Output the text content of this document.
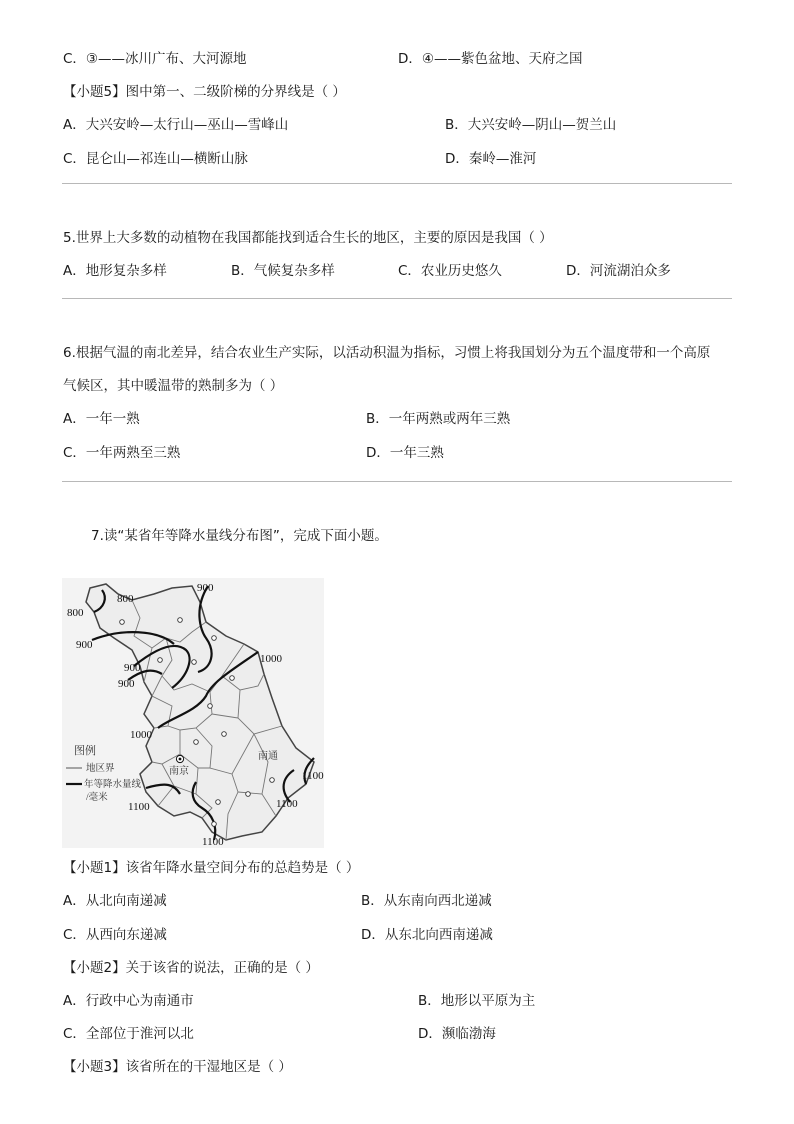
C．③——冰川广布、大河源地	D．④——紫色盆地、天府之国
【小题5】图中第一、二级阶梯的分界线是（ ）
A．大兴安岭—太行山—巫山—雪峰山	B．大兴安岭—阴山—贺兰山
C．昆仑山—祁连山—横断山脉	D．秦岭—淮河
5.世界上大多数的动植物在我国都能找到适合生长的地区，主要的原因是我国（ ）
A．地形复杂多样	B．气候复杂多样	C．农业历史悠久	D．河流湖泊众多
6.根据气温的南北差异，结合农业生产实际，以活动积温为指标，习惯上将我国划分为五个温度带和一个高原
气候区，其中暖温带的熟制多为（ ）
A．一年一熟	B．一年两熟或两年三熟
C．一年两熟至三熟	D．一年三熟
7.读“某省年等降水量线分布图”，完成下面小题。
800
800
900
900
900
900
1000
1000
1100
1100
1100
1100
南京
南通
图例
地区界
年等降水量线
/毫米
【小题1】该省年降水量空间分布的总趋势是（ ）
A．从北向南递减	B．从东南向西北递减
C．从西向东递减	D．从东北向西南递减
【小题2】关于该省的说法，正确的是（ ）
A．行政中心为南通市	B．地形以平原为主
C．全部位于淮河以北	D．濒临渤海
【小题3】该省所在的干湿地区是（ ）
